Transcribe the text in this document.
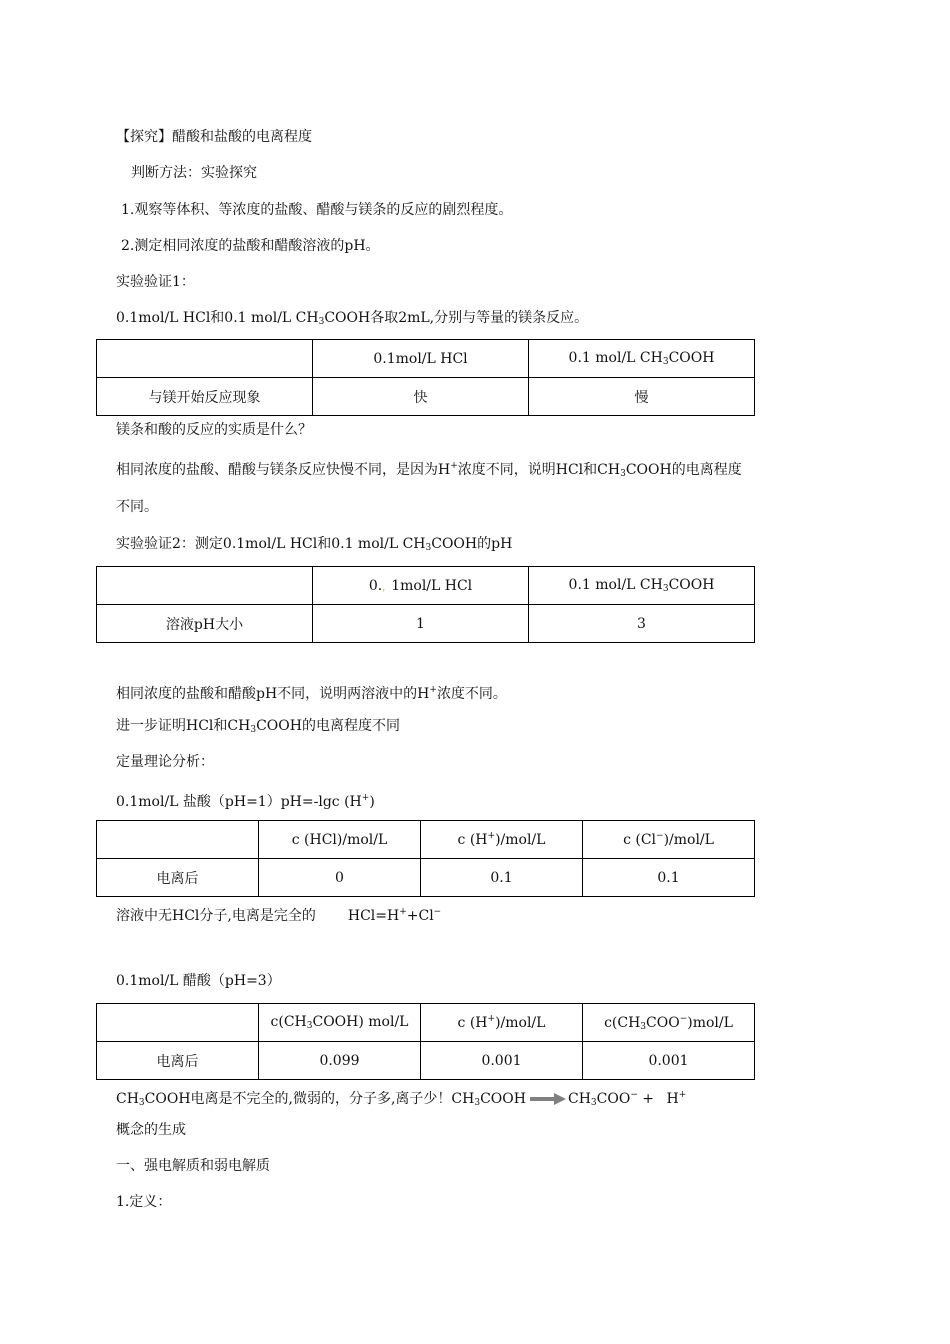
【探究】醋酸和盐酸的电离程度
判断方法：实验探究
1.观察等体积、等浓度的盐酸、醋酸与镁条的反应的剧烈程度。
2.测定相同浓度的盐酸和醋酸溶液的pH。
实验验证1：
0.1mol/L HCl和0.1 mol/L $CH_3COOH$各取2mL,分别与等量的镁条反应。
	0.1mol/L HCl	0.1 mol/L $CH_3COOH$
与镁开始反应现象	快	慢
镁条和酸的反应的实质是什么？
相同浓度的盐酸、醋酸与镁条反应快慢不同，是因为H+浓度不同，说明HCl和$CH_3COOH$的电离程度
不同。
实验验证2：测定0.1mol/L HCl和0.1 mol/L $CH_3COOH$的pH
	0.，1mol/L HCl	0.1 mol/L $CH_3COOH$
溶液pH大小	1	3
相同浓度的盐酸和醋酸pH不同，说明两溶液中的H+浓度不同。
进一步证明HCl和$CH_3COOH$的电离程度不同
定量理论分析：
0.1mol/L 盐酸（pH=1）pH=-lgc (H+)
	c (HCl)/mol/L	c (H+)/mol/L	c (Cl−)/mol/L
电离后	0	0.1	0.1
溶液中无HCl分子,电离是完全的 HCl=H++Cl−
0.1mol/L 醋酸（pH=3）
	$c(CH_3COOH)$ mol/L	c (H+)/mol/L	$c(CH_3COO^-)mol/L$
电离后	0.099	0.001	0.001
$CH_3COOH$电离是不完全的,微弱的，分子多,离子少！$CH_3COOH \to CH_3COO^- + H^+$
概念的生成
一、强电解质和弱电解质
1.定义：
